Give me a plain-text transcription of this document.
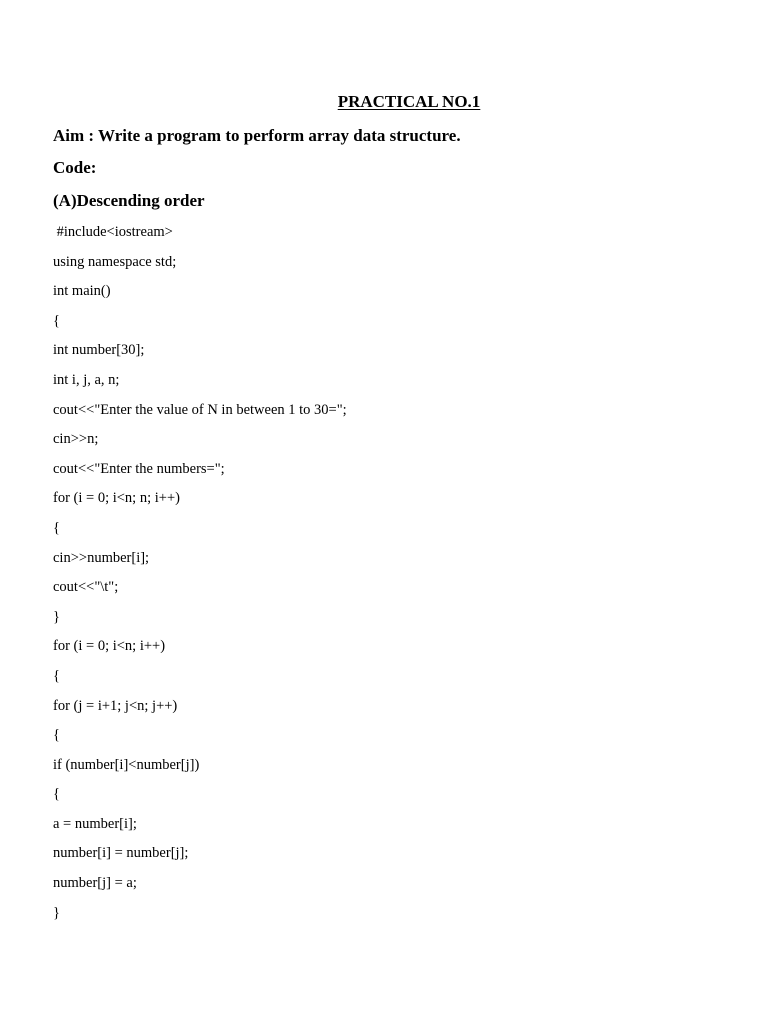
PRACTICAL NO.1
Aim : Write a program to perform array data structure.
Code:
(A)Descending order
#include<iostream>
using namespace std;
int main()
{
int number[30];
int i, j, a, n;
cout<<"Enter the value of N in between 1 to 30=";
cin>>n;
cout<<"Enter the numbers=";
for (i = 0; i<n; n; i++)
{
cin>>number[i];
cout<<"\t";
}
for (i = 0; i<n; i++)
{
for (j = i+1; j<n; j++)
{
if (number[i]<number[j])
{
a = number[i];
number[i] = number[j];
number[j] = a;
}
